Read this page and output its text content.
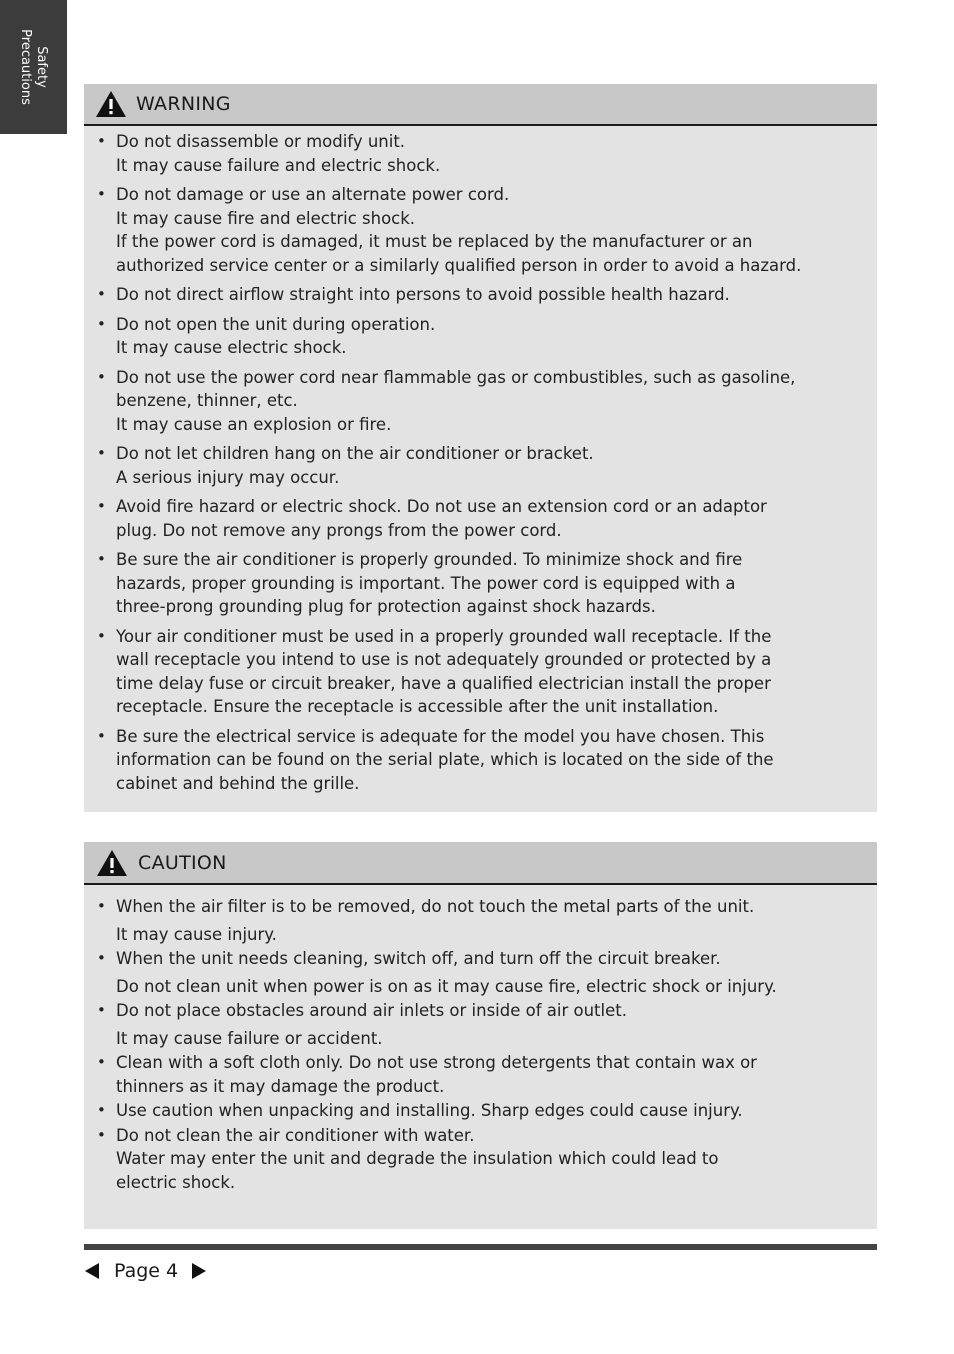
Safety
Precautions	WARNING
• Do not disassemble or modify unit.
It may cause failure and electric shock.
• Do not damage or use an alternate power cord.
It may cause fire and electric shock.
If the power cord is damaged, it must be replaced by the manufacturer or an
authorized service center or a similarly qualified person in order to avoid a hazard.
• Do not direct airflow straight into persons to avoid possible health hazard.
• Do not open the unit during operation.
It may cause electric shock.
• Do not use the power cord near flammable gas or combustibles, such as gasoline,
benzene, thinner, etc.
It may cause an explosion or fire.
• Do not let children hang on the air conditioner or bracket.
A serious injury may occur.
• Avoid fire hazard or electric shock. Do not use an extension cord or an adaptor
plug. Do not remove any prongs from the power cord.
• Be sure the air conditioner is properly grounded. To minimize shock and fire
hazards, proper grounding is important. The power cord is equipped with a
three-prong grounding plug for protection against shock hazards.
• Your air conditioner must be used in a properly grounded wall receptacle. If the
wall receptacle you intend to use is not adequately grounded or protected by a
time delay fuse or circuit breaker, have a qualified electrician install the proper
receptacle. Ensure the receptacle is accessible after the unit installation.
• Be sure the electrical service is adequate for the model you have chosen. This
information can be found on the serial plate, which is located on the side of the
cabinet and behind the grille.
CAUTION
• When the air filter is to be removed, do not touch the metal parts of the unit.
It may cause injury.
• When the unit needs cleaning, switch off, and turn off the circuit breaker.
Do not clean unit when power is on as it may cause fire, electric shock or injury.
• Do not place obstacles around air inlets or inside of air outlet.
It may cause failure or accident.
• Clean with a soft cloth only. Do not use strong detergents that contain wax or
thinners as it may damage the product.
• Use caution when unpacking and installing. Sharp edges could cause injury.
• Do not clean the air conditioner with water.
Water may enter the unit and degrade the insulation which could lead to
electric shock.
Page 4
